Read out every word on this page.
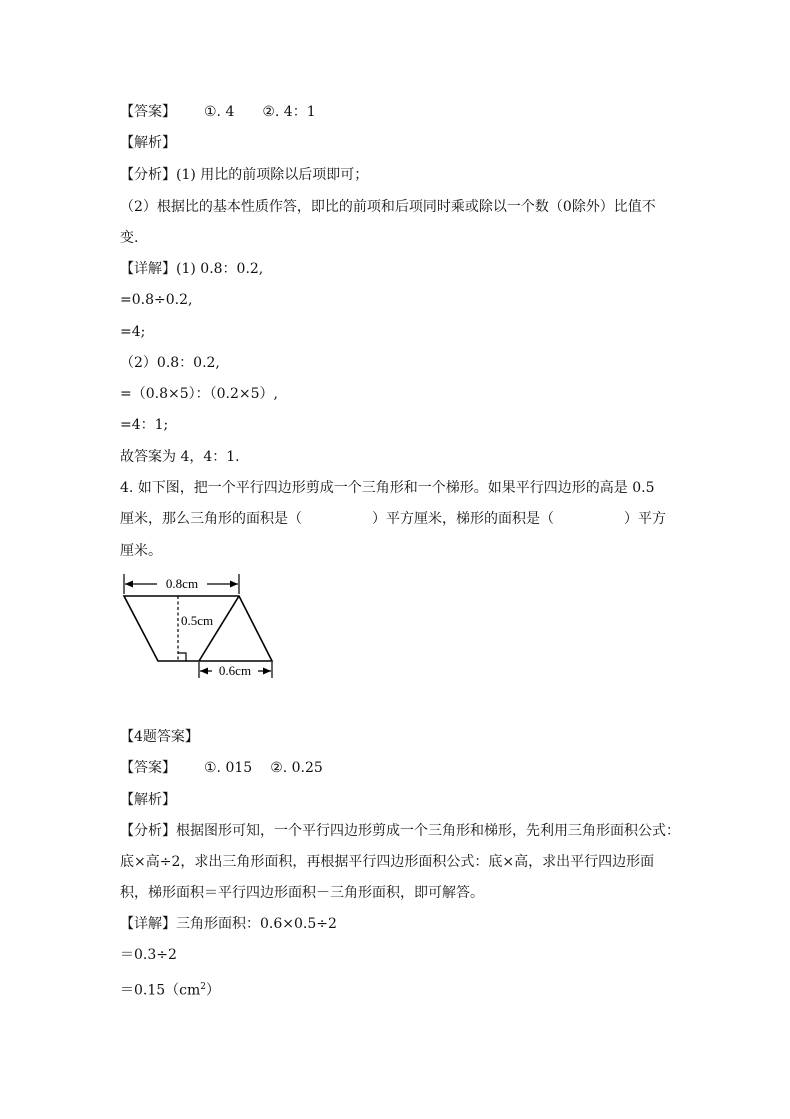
【答案】 ①. 4 ②. 4：1
【解析】
【分析】(1) 用比的前项除以后项即可；
（2）根据比的基本性质作答，即比的前项和后项同时乘或除以一个数（0除外）比值不
变.
【详解】(1) 0.8：0.2,
=0.8÷0.2,
=4;
（2）0.8：0.2,
=（0.8×5）：（0.2×5）,
=4：1;
故答案为 4，4：1.
4. 如下图，把一个平行四边形剪成一个三角形和一个梯形。如果平行四边形的高是 0.5
厘米，那么三角形的面积是（	）平方厘米，梯形的面积是（	）平方
厘米。
0.8cm
0.5cm
0.6cm
【4题答案】
【答案】 ①. 015 ②. 0.25
【解析】
【分析】根据图形可知，一个平行四边形剪成一个三角形和梯形，先利用三角形面积公式：
底×高÷2，求出三角形面积，再根据平行四边形面积公式：底×高，求出平行四边形面
积，梯形面积＝平行四边形面积－三角形面积，即可解答。
【详解】三角形面积：0.6×0.5÷2
＝0.3÷2
$=0.15(cm^2)$
